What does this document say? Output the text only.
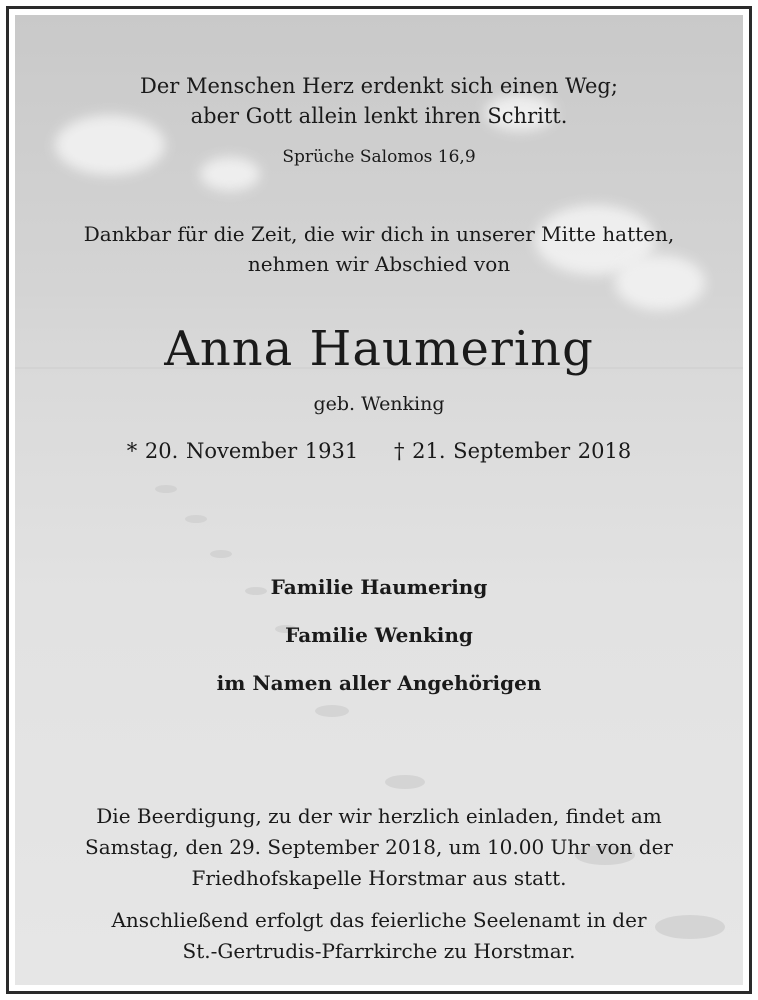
Der Menschen Herz erdenkt sich einen Weg;
aber Gott allein lenkt ihren Schritt.

Sprüche Salomos 16,9

Dankbar für die Zeit, die wir dich in unserer Mitte hatten,
nehmen wir Abschied von

Anna Haumering

geb. Wenking

* 20. November 1931 † 21. September 2018

Familie Haumering

Familie Wenking

im Namen aller Angehörigen

Die Beerdigung, zu der wir herzlich einladen, findet am
Samstag, den 29. September 2018, um 10.00 Uhr von der
Friedhofskapelle Horstmar aus statt.
Anschließend erfolgt das feierliche Seelenamt in der
St.-Gertrudis-Pfarrkirche zu Horstmar.
